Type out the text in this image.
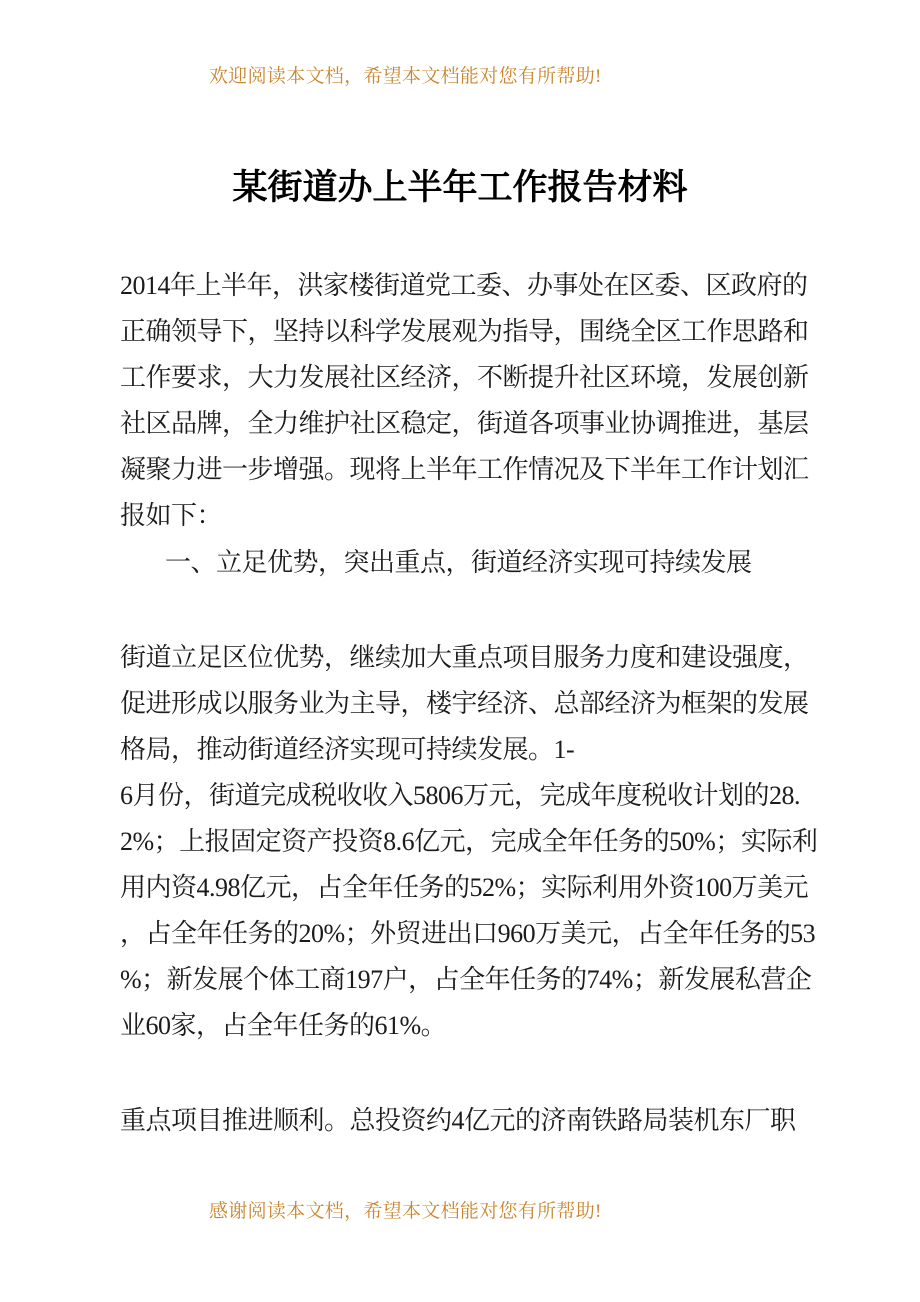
欢迎阅读本文档，希望本文档能对您有所帮助!
某街道办上半年工作报告材料
2014年上半年，洪家楼街道党工委、办事处在区委、区政府的
正确领导下，坚持以科学发展观为指导，围绕全区工作思路和
工作要求，大力发展社区经济，不断提升社区环境，发展创新
社区品牌，全力维护社区稳定，街道各项事业协调推进，基层
凝聚力进一步增强。现将上半年工作情况及下半年工作计划汇
报如下：
一、立足优势，突出重点，街道经济实现可持续发展
街道立足区位优势，继续加大重点项目服务力度和建设强度，
促进形成以服务业为主导，楼宇经济、总部经济为框架的发展
格局，推动街道经济实现可持续发展。1-
6月份，街道完成税收收入5806万元，完成年度税收计划的28.
2%；上报固定资产投资8.6亿元，完成全年任务的50%；实际利
用内资4.98亿元，占全年任务的52%；实际利用外资100万美元
，占全年任务的20%；外贸进出口960万美元，占全年任务的53
%；新发展个体工商197户，占全年任务的74%；新发展私营企
业60家，占全年任务的61%。
重点项目推进顺利。总投资约4亿元的济南铁路局装机东厂职
感谢阅读本文档，希望本文档能对您有所帮助!
